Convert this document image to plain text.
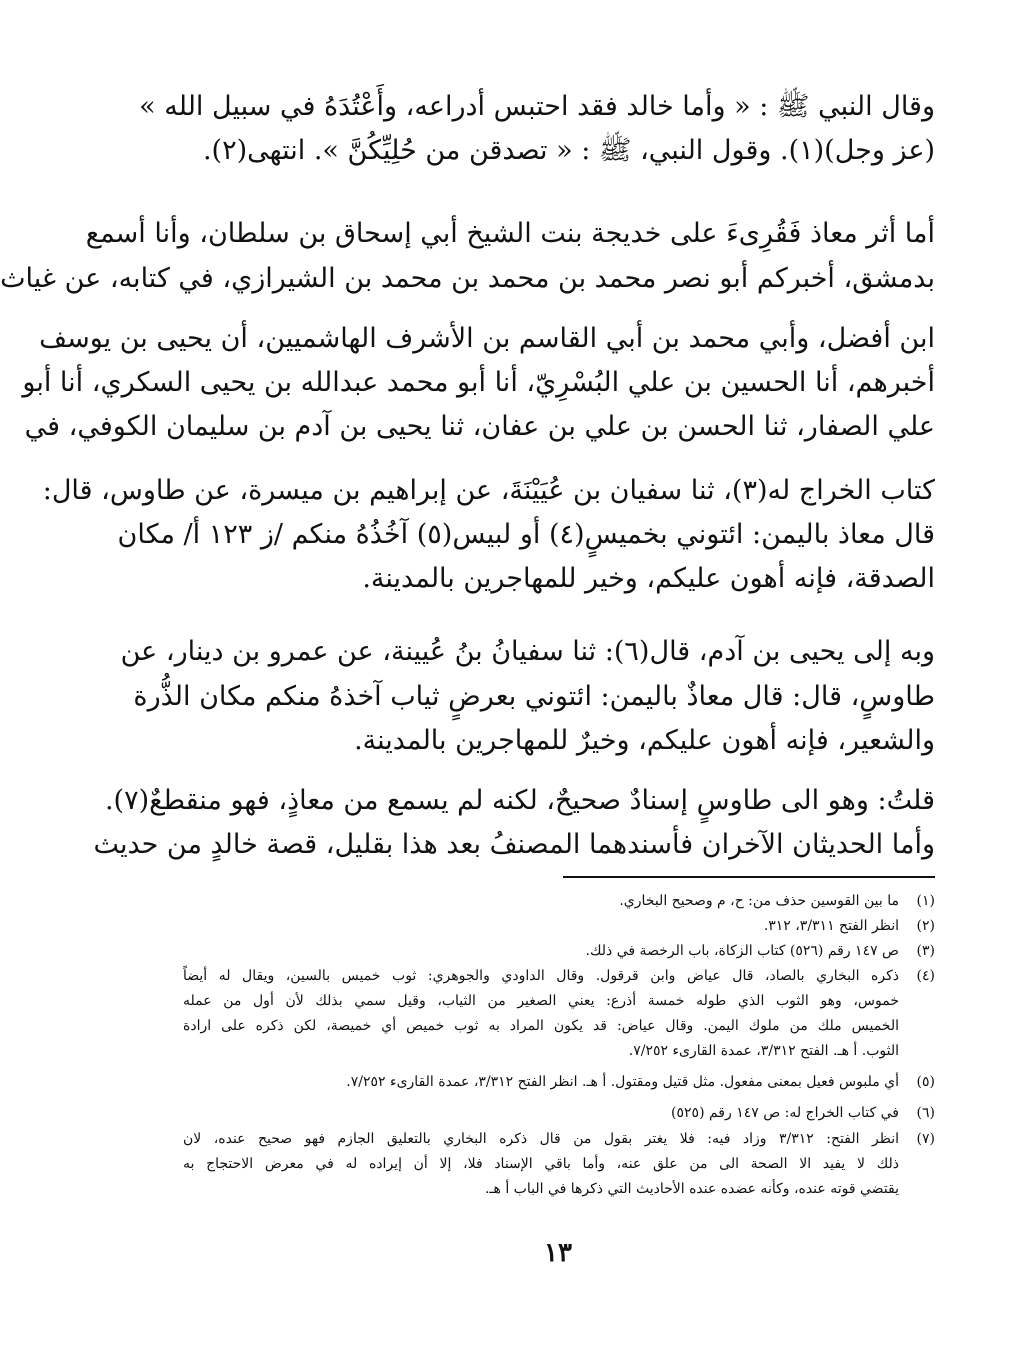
وقال النبي ﷺ : « وأما خالد فقد احتبس أدراعه، وأَعْتُدَهُ في سبيل الله »
(عز وجل)(١). وقول النبي، ﷺ : « تصدقن من حُلِيِّكُنَّ ». انتهى(٢).
أما أثر معاذ فَقُرِىءَ على خديجة بنت الشيخ أبي إسحاق بن سلطان، وأنا أسمع
بدمشق، أخبركم أبو نصر محمد بن محمد بن محمد بن الشيرازي، في كتابه، عن غياث
ابن أفضل، وأبي محمد بن أبي القاسم بن الأشرف الهاشميين، أن يحيى بن يوسف
أخبرهم، أنا الحسين بن علي البُسْرِيّ، أنا أبو محمد عبدالله بن يحيى السكري، أنا أبو
علي الصفار، ثنا الحسن بن علي بن عفان، ثنا يحيى بن آدم بن سليمان الكوفي، في
كتاب الخراج له(٣)، ثنا سفيان بن عُيَيْنَةَ، عن إبراهيم بن ميسرة، عن طاوس، قال:
قال معاذ باليمن: ائتوني بخميسٍ(٤) أو لبيس(٥) آخُذُهُ منكم /ز ١٢٣ أ/ مكان
الصدقة، فإنه أهون عليكم، وخير للمهاجرين بالمدينة.
وبه إلى يحيى بن آدم، قال(٦): ثنا سفيانُ بنُ عُيينة، عن عمرو بن دينار، عن
طاوسٍ، قال: قال معاذٌ باليمن: ائتوني بعرضٍ ثياب آخذهُ منكم مكان الذُّرة
والشعير، فإنه أهون عليكم، وخيرٌ للمهاجرين بالمدينة.
قلتُ: وهو الى طاوسٍ إسنادٌ صحيحٌ، لكنه لم يسمع من معاذٍ، فهو منقطعٌ(٧).
وأما الحديثان الآخران فأسندهما المصنفُ بعد هذا بقليل، قصة خالدٍ من حديث
(١)ما بين القوسين حذف من: ح، م وصحيح البخاري.
(٢)انظر الفتح ٣/٣١١، ٣١٢.
(٣)ص ١٤٧ رقم (٥٢٦) كتاب الزكاة، باب الرخصة في ذلك.
(٤)ذكره البخاري بالصاد، قال عياض وابن قرقول. وقال الداودي والجوهري: ثوب خميس بالسين، ويقال له أيضاً
خموس، وهو الثوب الذي طوله خمسة أذرع: يعني الصغير من الثياب، وقيل سمي بذلك لأن أول من عمله
الخميس ملك من ملوك اليمن. وقال عياض: قد يكون المراد به ثوب خميص أي خميصة، لكن ذكره على ارادة
الثوب. أ هـ. الفتح ٣/٣١٢، عمدة القارىء ٧/٢٥٢.
(٥)أي ملبوس فعيل بمعنى مفعول. مثل قتيل ومقتول. أ هـ. انظر الفتح ٣/٣١٢، عمدة القارىء ٧/٢٥٢.
(٦)في كتاب الخراج له: ص ١٤٧ رقم (٥٢٥)
(٧)انظر الفتح: ٣/٣١٢ وزاد فيه: فلا يغتر بقول من قال ذكره البخاري بالتعليق الجازم فهو صحيح عنده، لان
ذلك لا يفيد الا الصحة الى من علق عنه، وأما باقي الإسناد فلا، إلا أن إيراده له في معرض الاحتجاج به
يقتضي قوته عنده، وكأنه عضده عنده الأحاديث التي ذكرها في الباب أ هـ.
١٣
